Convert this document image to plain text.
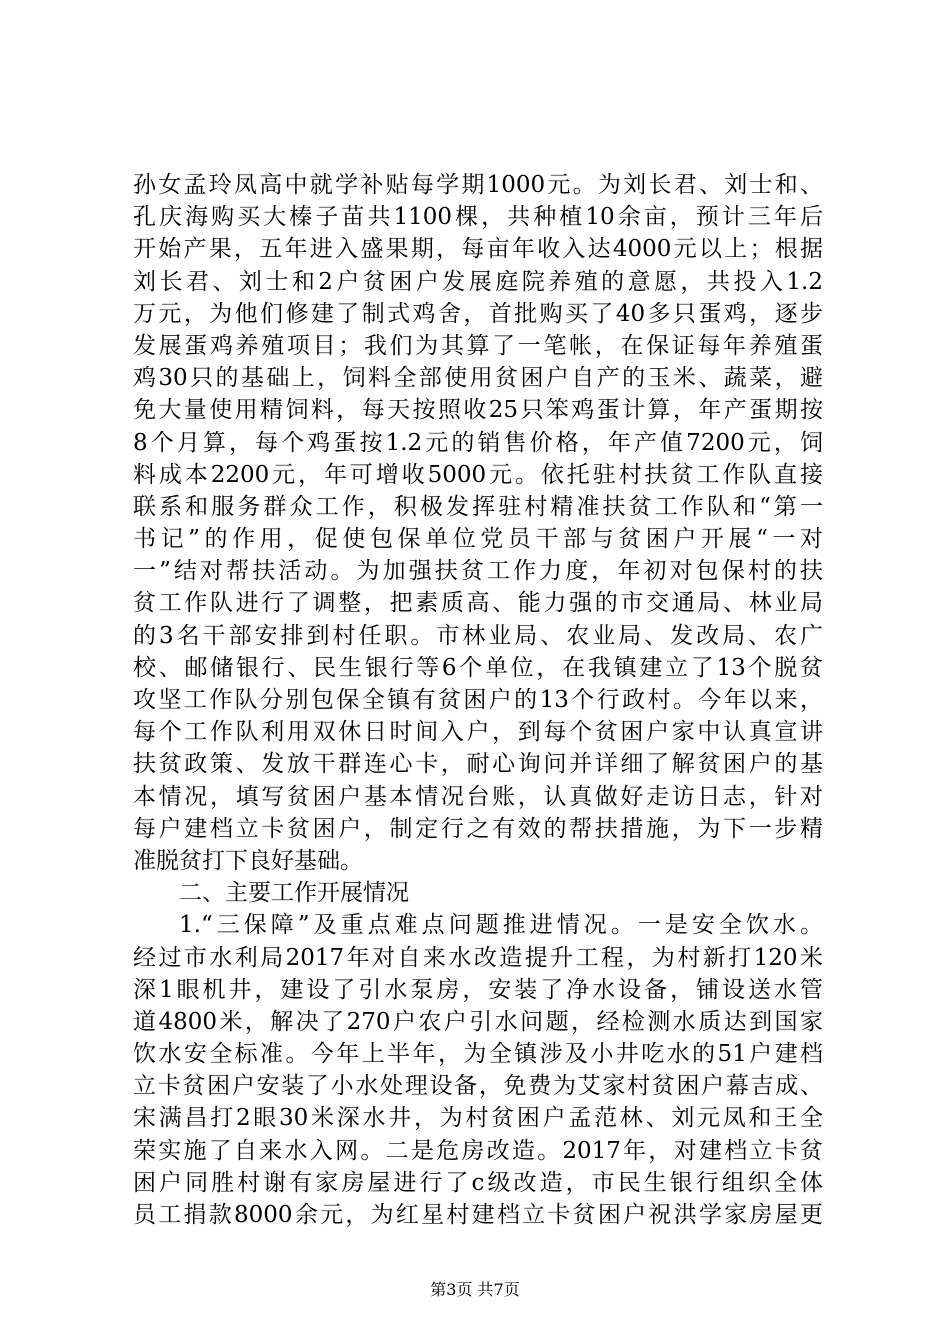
孙女孟玲凤高中就学补贴每学期1000元。为刘长君、刘士和、
孔庆海购买大榛子苗共1100棵，共种植10余亩，预计三年后
开始产果，五年进入盛果期，每亩年收入达4000元以上；根据
刘长君、刘士和2户贫困户发展庭院养殖的意愿，共投入1.2
万元，为他们修建了制式鸡舍，首批购买了40多只蛋鸡，逐步
发展蛋鸡养殖项目；我们为其算了一笔帐，在保证每年养殖蛋
鸡30只的基础上，饲料全部使用贫困户自产的玉米、蔬菜，避
免大量使用精饲料，每天按照收25只笨鸡蛋计算，年产蛋期按
8个月算，每个鸡蛋按1.2元的销售价格，年产值7200元，饲
料成本2200元，年可增收5000元。依托驻村扶贫工作队直接
联系和服务群众工作，积极发挥驻村精准扶贫工作队和“第一
书记”的作用，促使包保单位党员干部与贫困户开展“一对
一”结对帮扶活动。为加强扶贫工作力度，年初对包保村的扶
贫工作队进行了调整，把素质高、能力强的市交通局、林业局
的3名干部安排到村任职。市林业局、农业局、发改局、农广
校、邮储银行、民生银行等6个单位，在我镇建立了13个脱贫
攻坚工作队分别包保全镇有贫困户的13个行政村。今年以来，
每个工作队利用双休日时间入户，到每个贫困户家中认真宣讲
扶贫政策、发放干群连心卡，耐心询问并详细了解贫困户的基
本情况，填写贫困户基本情况台账，认真做好走访日志，针对
每户建档立卡贫困户，制定行之有效的帮扶措施，为下一步精
准脱贫打下良好基础。
二、主要工作开展情况
1.“三保障”及重点难点问题推进情况。一是安全饮水。
经过市水利局2017年对自来水改造提升工程，为村新打120米
深1眼机井，建设了引水泵房，安装了净水设备，铺设送水管
道4800米，解决了270户农户引水问题，经检测水质达到国家
饮水安全标准。今年上半年，为全镇涉及小井吃水的51户建档
立卡贫困户安装了小水处理设备，免费为艾家村贫困户幕吉成、
宋满昌打2眼30米深水井，为村贫困户孟范林、刘元凤和王全
荣实施了自来水入网。二是危房改造。2017年，对建档立卡贫
困户同胜村谢有家房屋进行了c级改造，市民生银行组织全体
员工捐款8000余元，为红星村建档立卡贫困户祝洪学家房屋更
第3页 共7页
